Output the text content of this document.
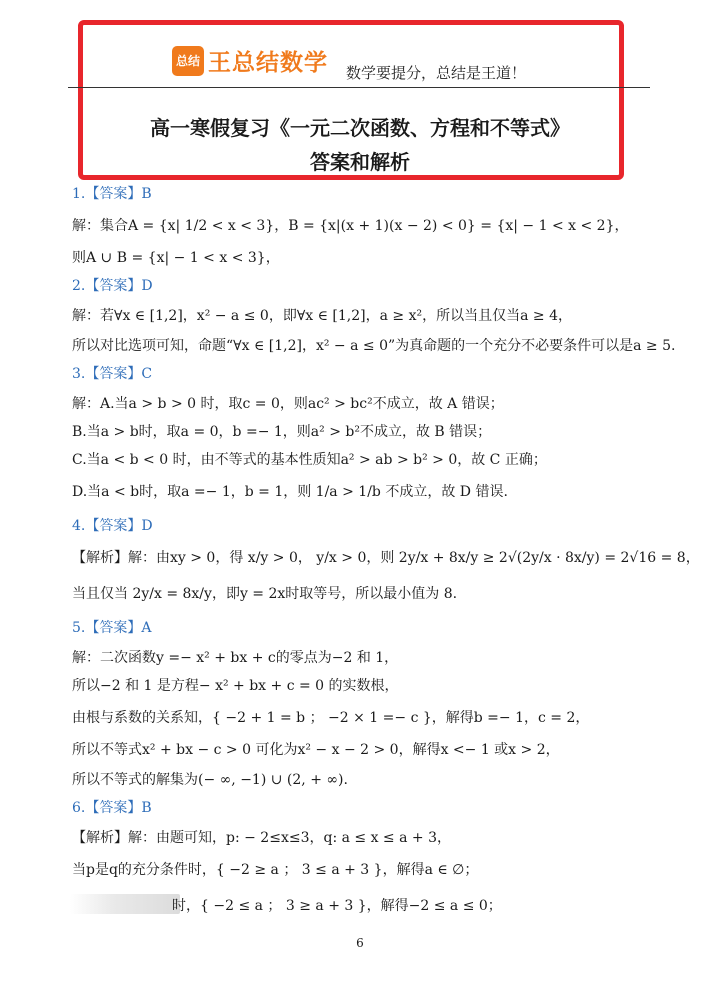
总结 王总结数学 数学要提分，总结是王道！
高一寒假复习《一元二次函数、方程和不等式》
答案和解析
1.【答案】B
解：集合A = {x| 1/2 < x < 3}，B = {x|(x + 1)(x − 2) < 0} = {x| − 1 < x < 2}，
则A ∪ B = {x| − 1 < x < 3}，
2.【答案】D
解：若∀x ∈ [1,2]，x² − a ≤ 0，即∀x ∈ [1,2]，a ≥ x²，所以当且仅当a ≥ 4，
所以对比选项可知，命题“∀x ∈ [1,2]，x² − a ≤ 0”为真命题的一个充分不必要条件可以是a ≥ 5.
3.【答案】C
解：A.当a > b > 0 时，取c = 0，则ac² > bc²不成立，故 A 错误；
B.当a > b时，取a = 0，b =− 1，则a² > b²不成立，故 B 错误；
C.当a < b < 0 时，由不等式的基本性质知a² > ab > b² > 0，故 C 正确；
D.当a < b时，取a =− 1，b = 1，则 1/a > 1/b 不成立，故 D 错误.
4.【答案】D
【解析】解：由xy > 0，得 x/y > 0， y/x > 0，则 2y/x + 8x/y ≥ 2√(2y/x · 8x/y) = 2√16 = 8，
当且仅当 2y/x = 8x/y，即y = 2x时取等号，所以最小值为 8.
5.【答案】A
解：二次函数y =− x² + bx + c的零点为−2 和 1，
所以−2 和 1 是方程− x² + bx + c = 0 的实数根，
由根与系数的关系知，{ −2 + 1 = b ； −2 × 1 =− c }，解得b =− 1，c = 2，
所以不等式x² + bx − c > 0 可化为x² − x − 2 > 0，解得x <− 1 或x > 2，
所以不等式的解集为(− ∞, −1) ∪ (2, + ∞).
6.【答案】B
【解析】解：由题可知，p: − 2≤x≤3，q: a ≤ x ≤ a + 3，
当p是q的充分条件时，{ −2 ≥ a ； 3 ≤ a + 3 }，解得a ∈ ∅；
时，{ −2 ≤ a ； 3 ≥ a + 3 }，解得−2 ≤ a ≤ 0；
6
